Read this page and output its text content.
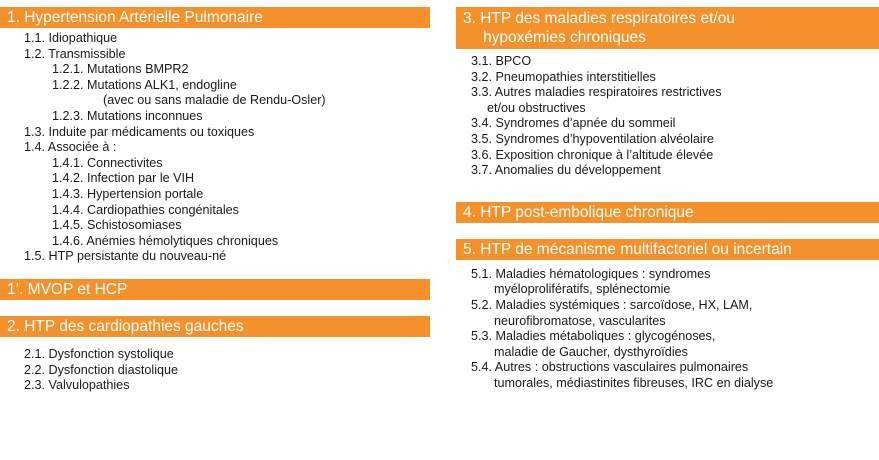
1. Hypertension Artérielle Pulmonaire
1.1. Idiopathique
1.2. Transmissible
1.2.1. Mutations BMPR2
1.2.2. Mutations ALK1, endogline
(avec ou sans maladie de Rendu-Osler)
1.2.3. Mutations inconnues
1.3. Induite par médicaments ou toxiques
1.4. Associée à :
1.4.1. Connectivites
1.4.2. Infection par le VIH
1.4.3. Hypertension portale
1.4.4. Cardiopathies congénitales
1.4.5. Schistosomiases
1.4.6. Anémies hémolytiques chroniques
1.5. HTP persistante du nouveau-né
1’. MVOP et HCP
2. HTP des cardiopathies gauches
2.1. Dysfonction systolique
2.2. Dysfonction diastolique
2.3. Valvulopathies
3. HTP des maladies respiratoires et/ou
hypoxémies chroniques
3.1. BPCO
3.2. Pneumopathies interstitielles
3.3. Autres maladies respiratoires restrictives
et/ou obstructives
3.4. Syndromes d’apnée du sommeil
3.5. Syndromes d’hypoventilation alvéolaire
3.6. Exposition chronique à l’altitude élevée
3.7. Anomalies du développement
4. HTP post-embolique chronique
5. HTP de mécanisme multifactoriel ou incertain
5.1. Maladies hématologiques : syndromes
myéloprolifératifs, splénectomie
5.2. Maladies systémiques : sarcoïdose, HX, LAM,
neurofibromatose, vascularites
5.3. Maladies métaboliques : glycogénoses,
maladie de Gaucher, dysthyroïdies
5.4. Autres : obstructions vasculaires pulmonaires
tumorales, médiastinites fibreuses, IRC en dialyse
